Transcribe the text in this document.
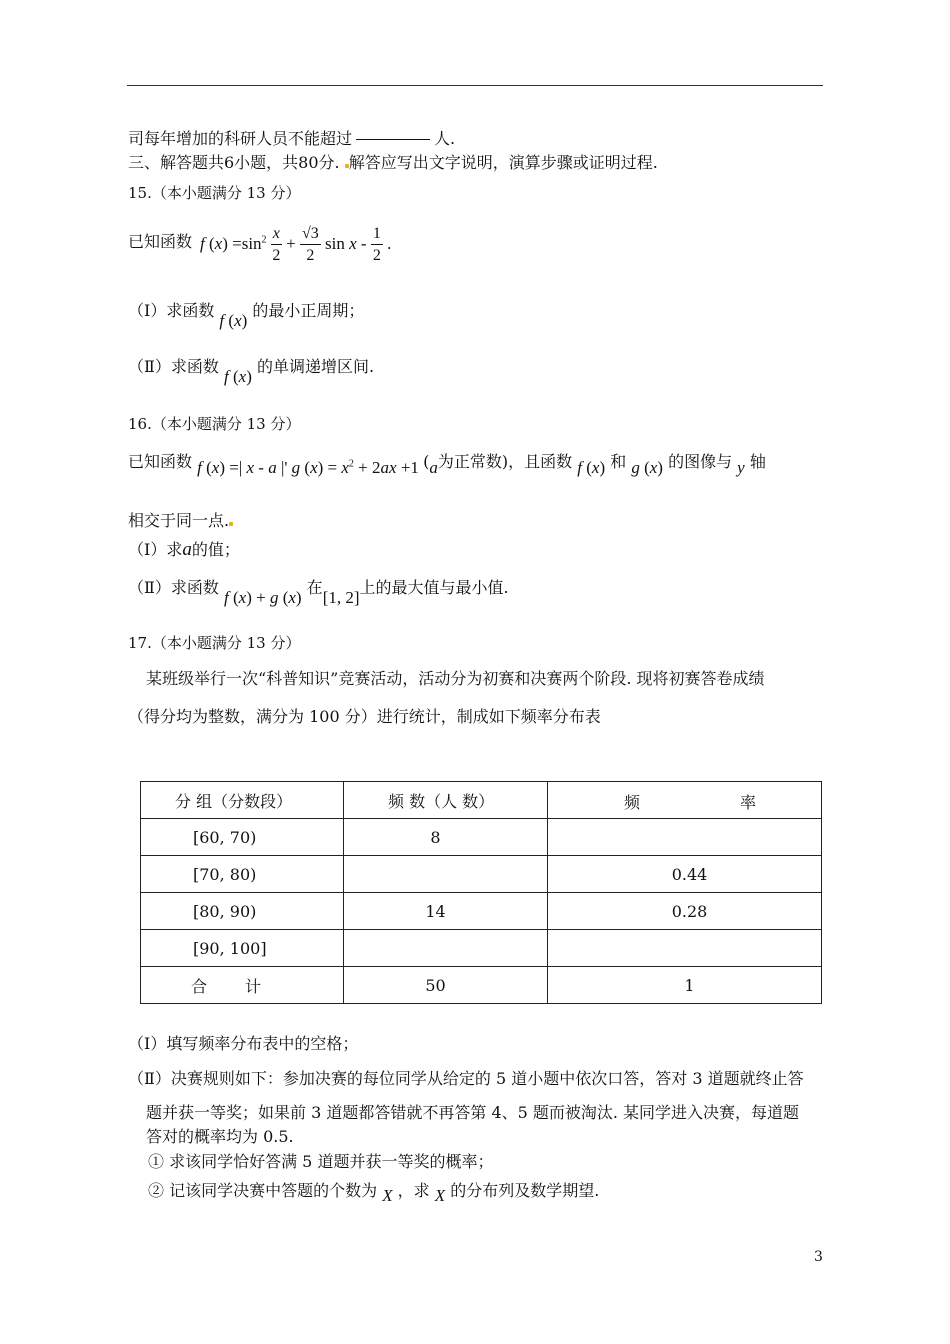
司每年增加的科研人员不能超过	人.
三、解答题共6小题，共80分. 解答应写出文字说明，演算步骤或证明过程.
15.（本小题满分 13 分）
已知函数 f $(x) =\sin^2 \frac{x}{2} + \frac{√3}{2}$ sin x - $\frac{1}{2}$ .
（Ⅰ）求函数 f (x) 的最小正周期；
（Ⅱ）求函数 f (x) 的单调递增区间.
16.（本小题满分 13 分）
已知函数 f (x) =| x - a |' g $(x) = x^2 + 2ax +1$ (a为正常数)，且函数 f (x) 和 g (x) 的图像与 y 轴
相交于同一点.
（Ⅰ）求a的值；
（Ⅱ）求函数 f (x) + g (x) 在[1, 2]上的最大值与最小值.
17.（本小题满分 13 分）
某班级举行一次“科普知识”竞赛活动，活动分为初赛和决赛两个阶段. 现将初赛答卷成绩
（得分均为整数，满分为 100 分）进行统计，制成如下频率分布表
分 组（分数段）	频 数（人 数）	频 率

[60, 70)	8	
[70, 80)		0.44
[80, 90)	14	0.28
[90, 100]		
合 计	50	1
（Ⅰ）填写频率分布表中的空格；
（Ⅱ）决赛规则如下：参加决赛的每位同学从给定的 5 道小题中依次口答，答对 3 道题就终止答
题并获一等奖；如果前 3 道题都答错就不再答第 4、5 题而被淘汰. 某同学进入决赛，每道题
答对的概率均为 0.5.
① 求该同学恰好答满 5 道题并获一等奖的概率；
② 记该同学决赛中答题的个数为 X ，求 X 的分布列及数学期望.
3
